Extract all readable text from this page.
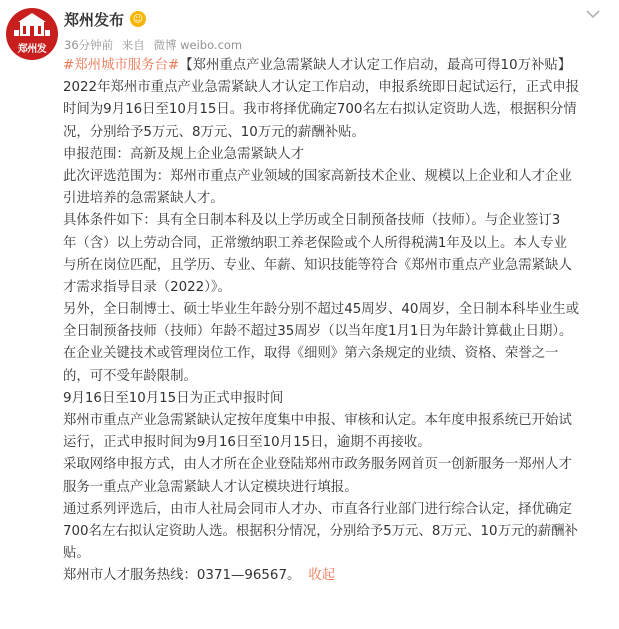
郑州发
郑州发布 ☺
36分钟前 来自 微博 weibo.com
#郑州城市服务台#【郑州重点产业急需紧缺人才认定工作启动，最高可得10万补贴】
2022年郑州市重点产业急需紧缺人才认定工作启动，申报系统即日起试运行，正式申报
时间为9月16日至10月15日。我市将择优确定700名左右拟认定资助人选，根据积分情
况，分别给予5万元、8万元、10万元的薪酬补贴。
申报范围：高新及规上企业急需紧缺人才
此次评选范围为：郑州市重点产业领域的国家高新技术企业、规模以上企业和人才企业
引进培养的急需紧缺人才。
具体条件如下：具有全日制本科及以上学历或全日制预备技师（技师）。与企业签订3
年（含）以上劳动合同，正常缴纳职工养老保险或个人所得税满1年及以上。本人专业
与所在岗位匹配，且学历、专业、年薪、知识技能等符合《郑州市重点产业急需紧缺人
才需求指导目录（2022）》。
另外，全日制博士、硕士毕业生年龄分别不超过45周岁、40周岁，全日制本科毕业生或
全日制预备技师（技师）年龄不超过35周岁（以当年度1月1日为年龄计算截止日期）。
在企业关键技术或管理岗位工作，取得《细则》第六条规定的业绩、资格、荣誉之一
的，可不受年龄限制。
9月16日至10月15日为正式申报时间
郑州市重点产业急需紧缺认定按年度集中申报、审核和认定。本年度申报系统已开始试
运行，正式申报时间为9月16日至10月15日，逾期不再接收。
采取网络申报方式，由人才所在企业登陆郑州市政务服务网首页一创新服务一郑州人才
服务一重点产业急需紧缺人才认定模块进行填报。
通过系列评选后，由市人社局会同市人才办、市直各行业部门进行综合认定，择优确定
700名左右拟认定资助人选。根据积分情况，分别给予5万元、8万元、10万元的薪酬补
贴。
郑州市人才服务热线：0371—96567。 收起
